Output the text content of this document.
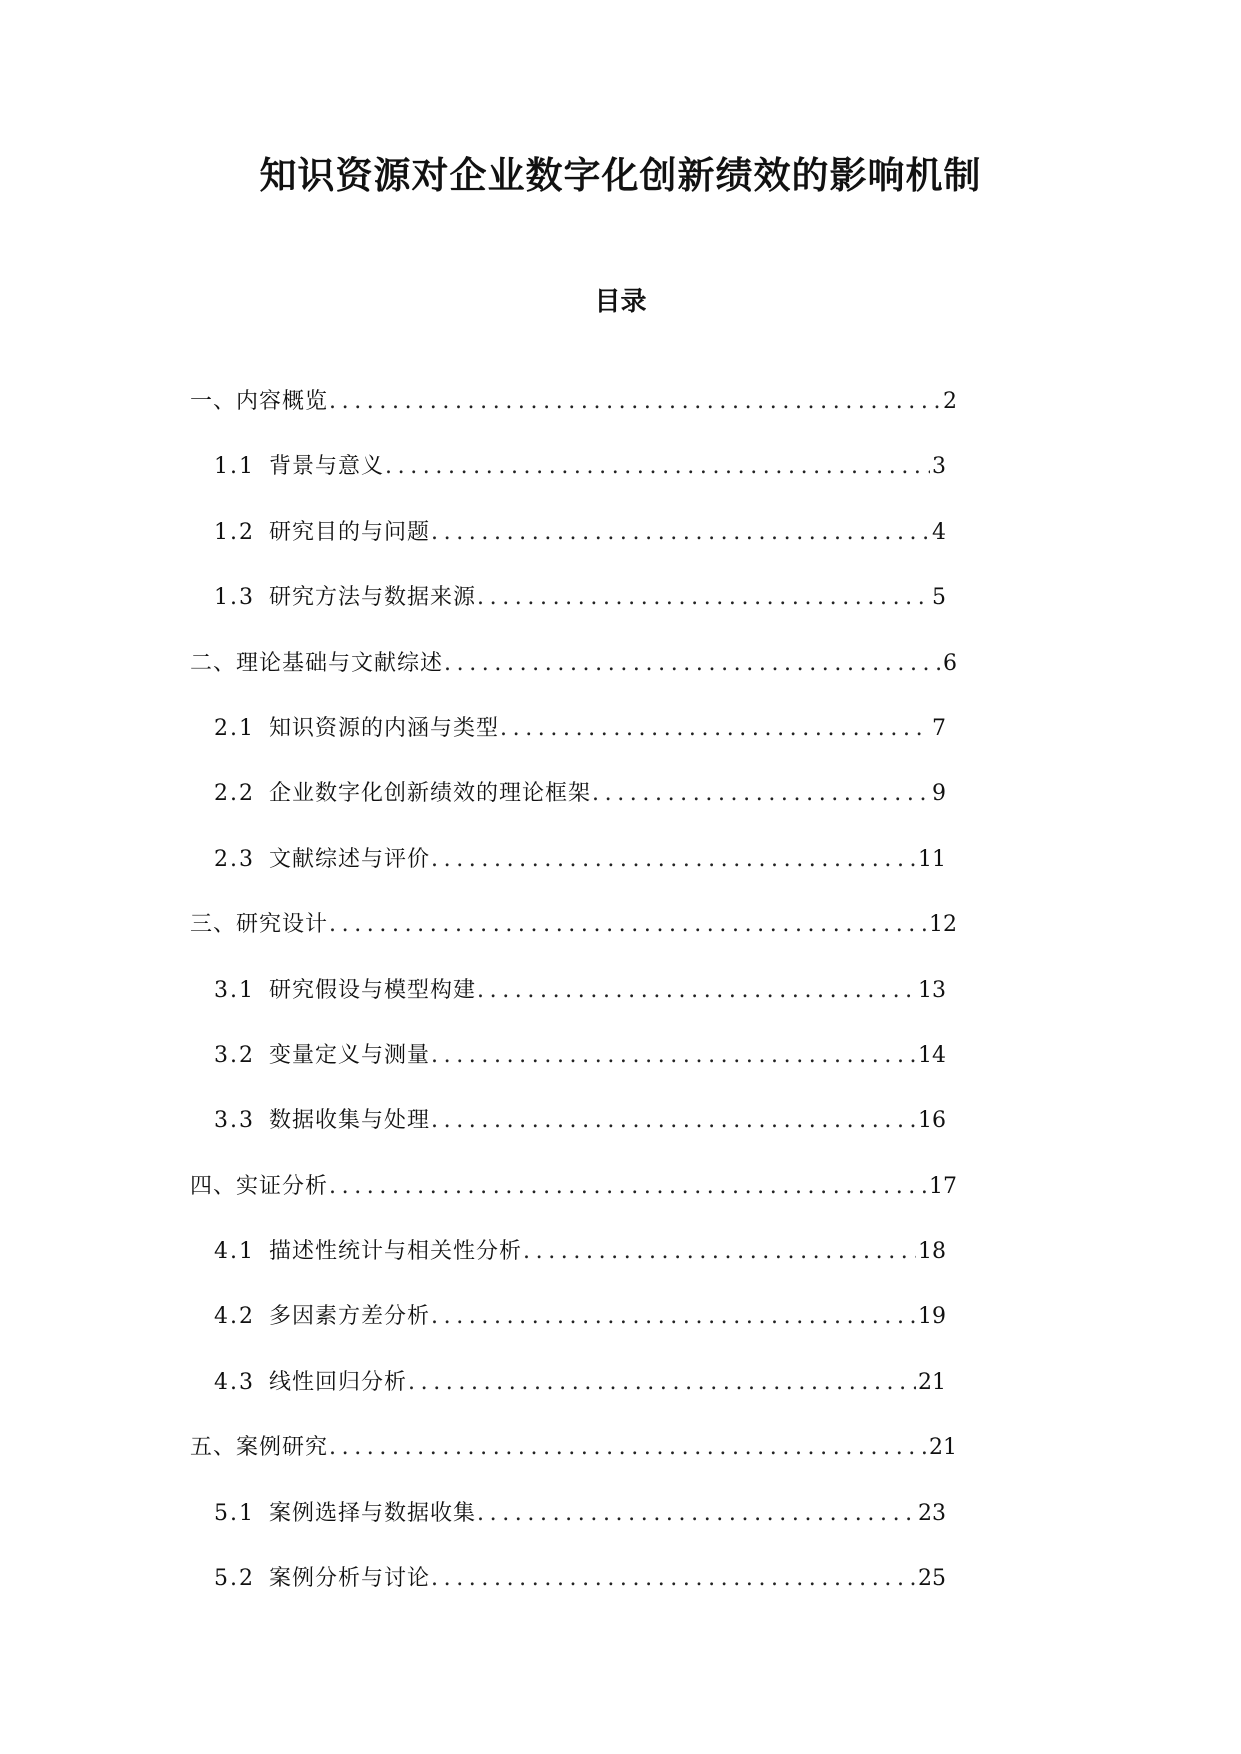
知识资源对企业数字化创新绩效的影响机制
目录
一、内容概览 .....	2
1.1 背景与意义 .....	3
1.2 研究目的与问题 .....	4
1.3 研究方法与数据来源 .....	5
二、理论基础与文献综述 .....	6
2.1 知识资源的内涵与类型 .....	7
2.2 企业数字化创新绩效的理论框架 .....	9
2.3 文献综述与评价 .....	11
三、研究设计 .....	12
3.1 研究假设与模型构建 .....	13
3.2 变量定义与测量 .....	14
3.3 数据收集与处理 .....	16
四、实证分析 .....	17
4.1 描述性统计与相关性分析 .....	18
4.2 多因素方差分析 .....	19
4.3 线性回归分析 .....	21
五、案例研究 .....	21
5.1 案例选择与数据收集 .....	23
5.2 案例分析与讨论 .....	25
